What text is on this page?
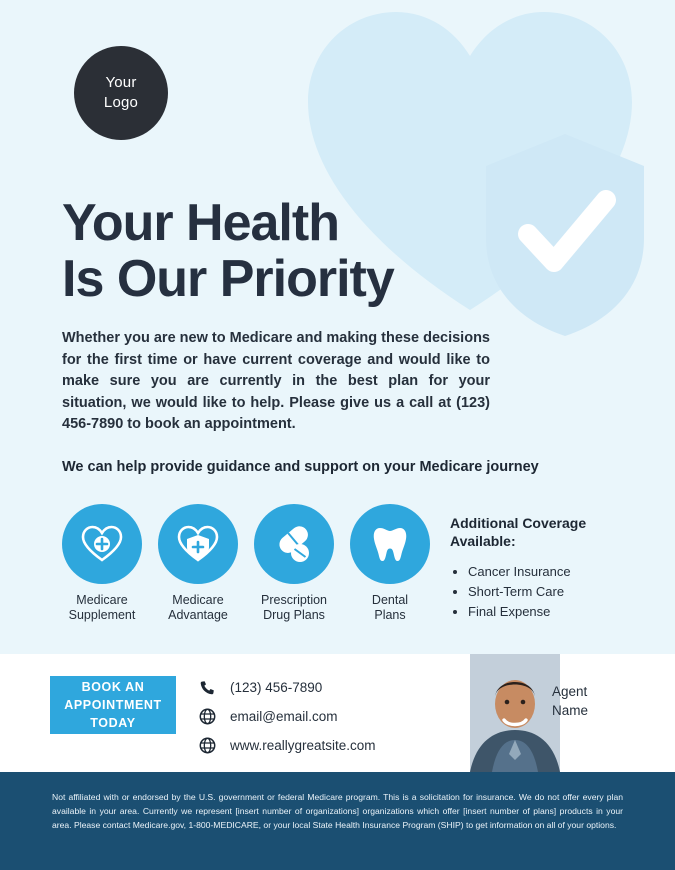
Your
Logo
Your Health
Is Our Priority

Whether you are new to Medicare and making these decisions for the first time or have current coverage and would like to make sure you are currently in the best plan for your situation, we would like to help. Please give us a call at (123) 456-7890 to book an appointment.

We can help provide guidance and support on your Medicare journey

Medicare
Supplement
Medicare
Advantage
Prescription
Drug Plans
Dental
Plans
Additional Coverage
Available:
• Cancer Insurance
• Short-Term Care
• Final Expense
BOOK AN
APPOINTMENT
TODAY
(123) 456-7890
email@email.com
www.reallygreatsite.com
Agent
Name
Not affiliated with or endorsed by the U.S. government or federal Medicare program. This is a solicitation for insurance. We do not offer every plan available in your area. Currently we represent [insert number of organizations] organizations which offer [insert number of plans] products in your area. Please contact Medicare.gov, 1-800-MEDICARE, or your local State Health Insurance Program (SHIP) to get information on all of your options.
